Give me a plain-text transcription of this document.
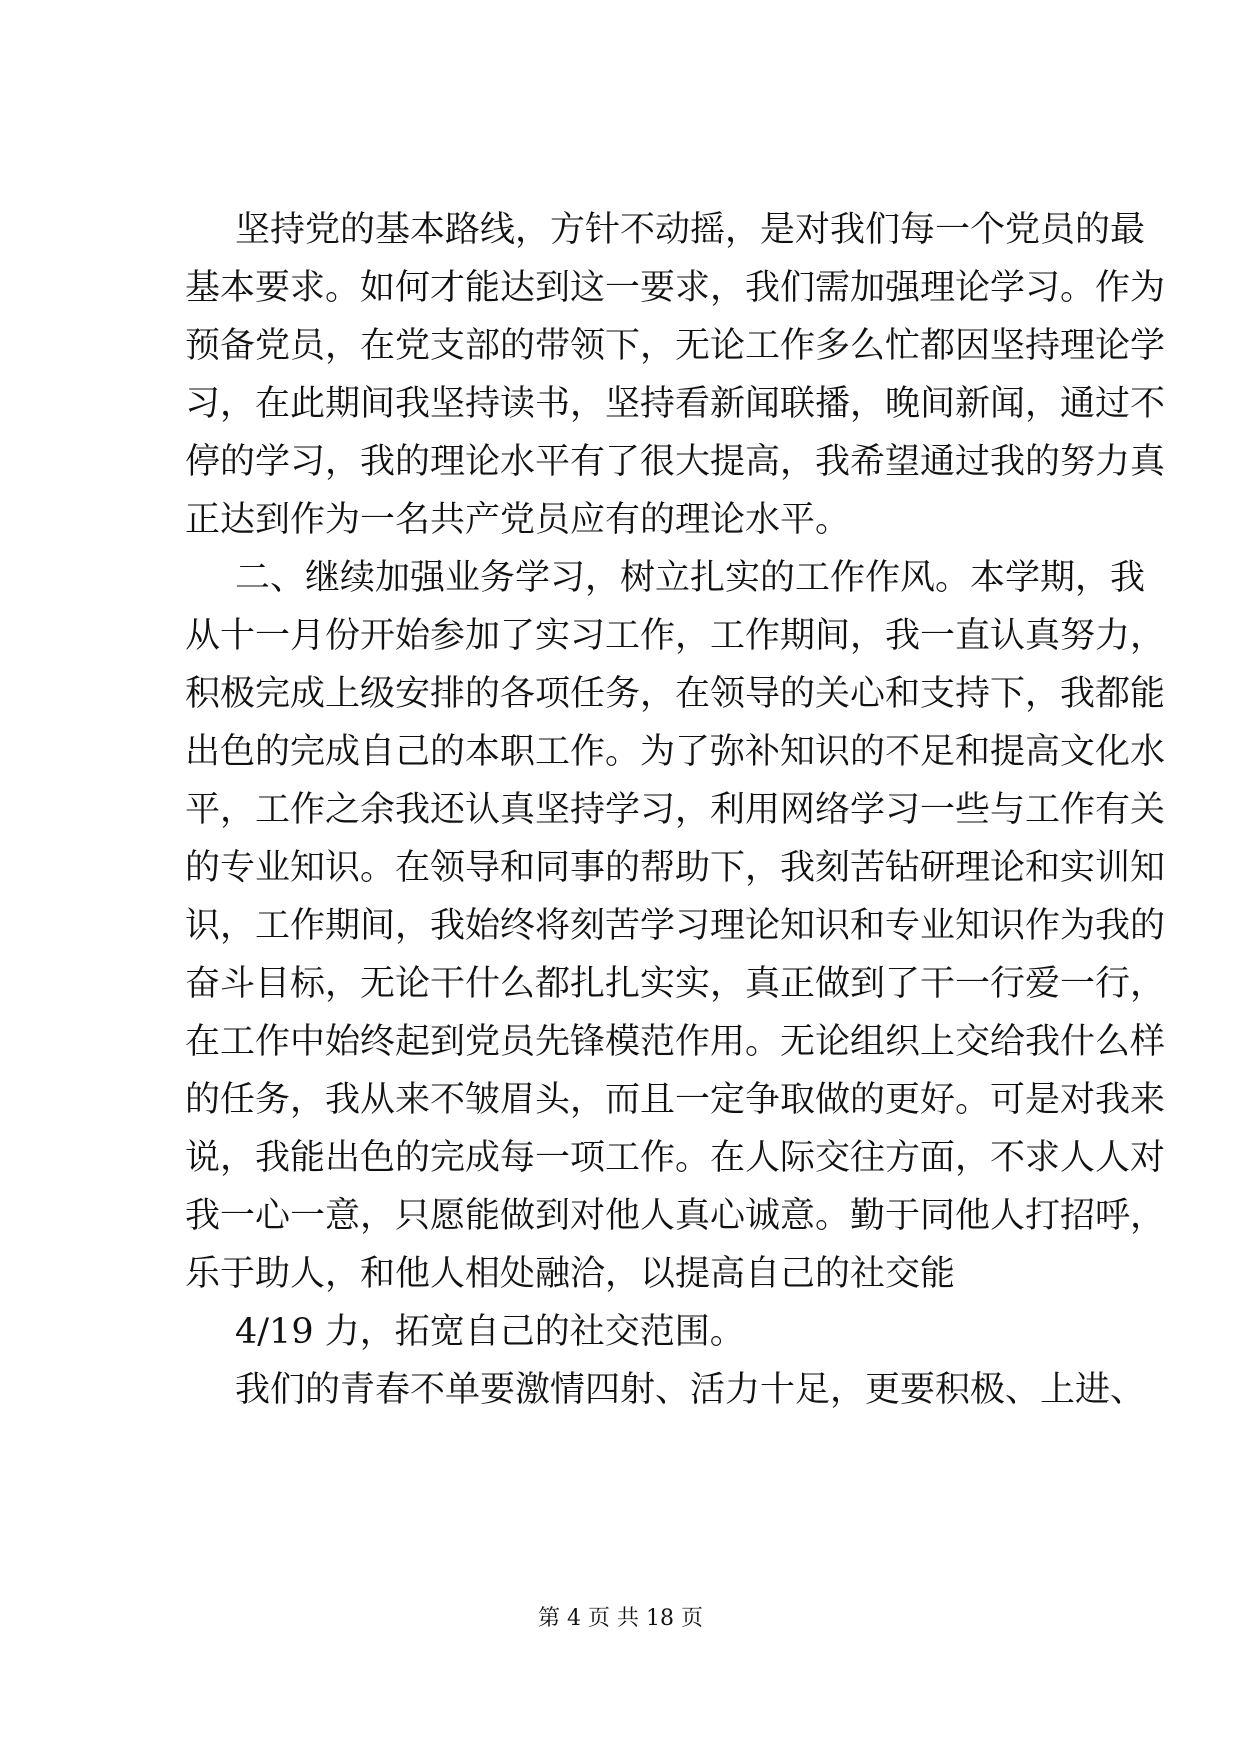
坚持党的基本路线，方针不动摇，是对我们每一个党员的最
基本要求。如何才能达到这一要求，我们需加强理论学习。作为
预备党员，在党支部的带领下，无论工作多么忙都因坚持理论学
习，在此期间我坚持读书，坚持看新闻联播，晚间新闻，通过不
停的学习，我的理论水平有了很大提高，我希望通过我的努力真
正达到作为一名共产党员应有的理论水平。
二、继续加强业务学习，树立扎实的工作作风。本学期，我
从十一月份开始参加了实习工作，工作期间，我一直认真努力，
积极完成上级安排的各项任务，在领导的关心和支持下，我都能
出色的完成自己的本职工作。为了弥补知识的不足和提高文化水
平，工作之余我还认真坚持学习，利用网络学习一些与工作有关
的专业知识。在领导和同事的帮助下，我刻苦钻研理论和实训知
识，工作期间，我始终将刻苦学习理论知识和专业知识作为我的
奋斗目标，无论干什么都扎扎实实，真正做到了干一行爱一行，
在工作中始终起到党员先锋模范作用。无论组织上交给我什么样
的任务，我从来不皱眉头，而且一定争取做的更好。可是对我来
说，我能出色的完成每一项工作。在人际交往方面，不求人人对
我一心一意，只愿能做到对他人真心诚意。勤于同他人打招呼，
乐于助人，和他人相处融洽，以提高自己的社交能
4/19 力，拓宽自己的社交范围。
我们的青春不单要激情四射、活力十足，更要积极、上进、
第 4 页 共 18 页
